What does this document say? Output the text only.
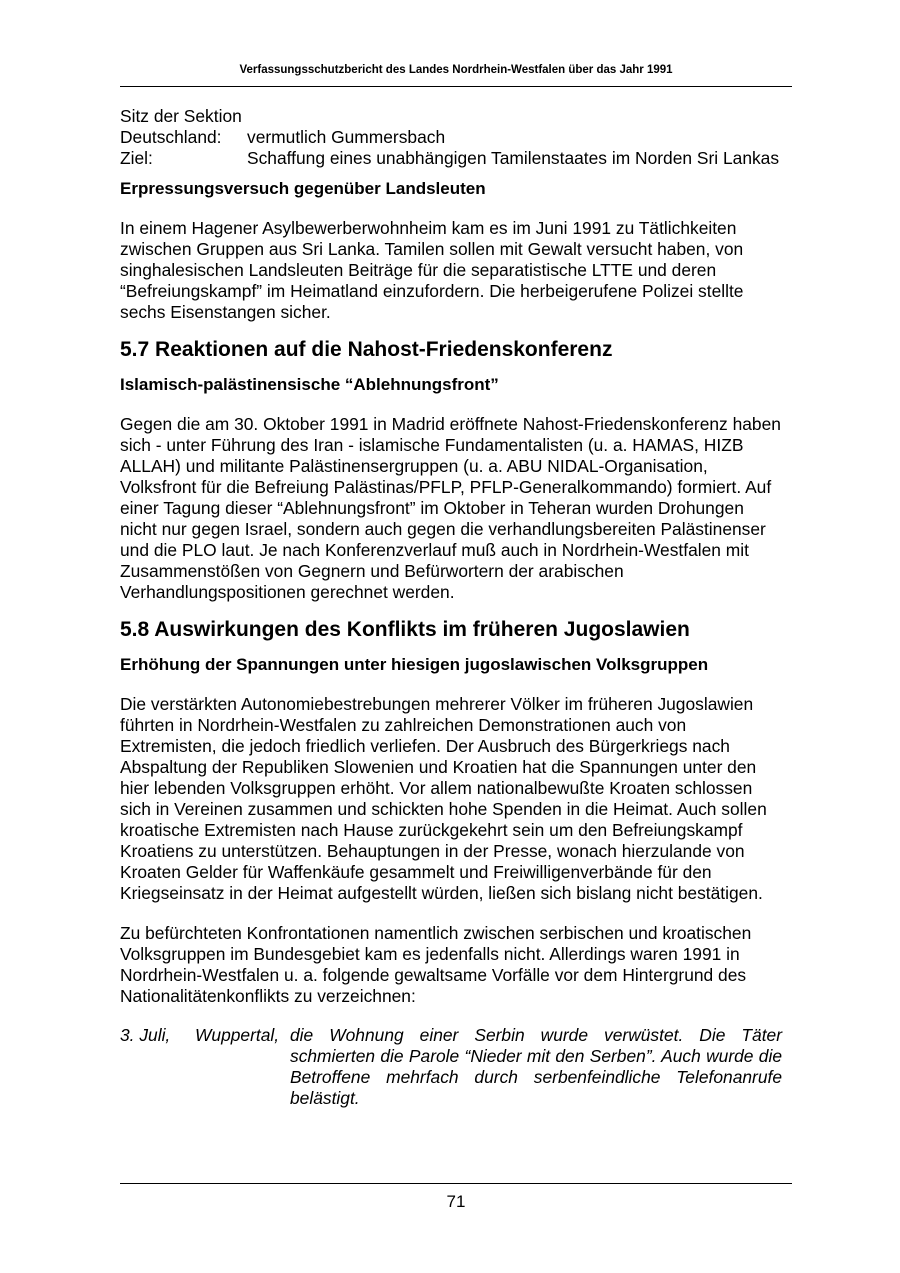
Verfassungsschutzbericht des Landes Nordrhein-Westfalen über das Jahr 1991
Sitz der Sektion
Deutschland:	vermutlich Gummersbach
Ziel:	Schaffung eines unabhängigen Tamilenstaates im Norden Sri Lankas
Erpressungsversuch gegenüber Landsleuten

In einem Hagener Asylbewerberwohnheim kam es im Juni 1991 zu Tätlichkeiten zwischen Gruppen aus Sri Lanka. Tamilen sollen mit Gewalt versucht haben, von singhalesischen Landsleuten Beiträge für die separatistische LTTE und deren “Befreiungskampf” im Heimatland einzufordern. Die herbeigerufene Polizei stellte sechs Eisenstangen sicher.

5.7 Reaktionen auf die Nahost-Friedenskonferenz
Islamisch-palästinensische “Ablehnungsfront”

Gegen die am 30. Oktober 1991 in Madrid eröffnete Nahost-Friedenskonferenz haben sich - unter Führung des Iran - islamische Fundamentalisten (u. a. HAMAS, HIZB ALLAH) und militante Palästinensergruppen (u. a. ABU NIDAL-Organisation, Volksfront für die Befreiung Palästinas/PFLP, PFLP-Generalkommando) formiert. Auf einer Tagung dieser “Ablehnungsfront” im Oktober in Teheran wurden Drohungen nicht nur gegen Israel, sondern auch gegen die verhandlungsbereiten Palästinenser und die PLO laut. Je nach Konferenzverlauf muß auch in Nordrhein-Westfalen mit Zusammenstößen von Gegnern und Befürwortern der arabischen Verhandlungspositionen gerechnet werden.

5.8 Auswirkungen des Konflikts im früheren Jugoslawien
Erhöhung der Spannungen unter hiesigen jugoslawischen Volksgruppen

Die verstärkten Autonomiebestrebungen mehrerer Völker im früheren Jugoslawien führten in Nordrhein-Westfalen zu zahlreichen Demonstrationen auch von Extremisten, die jedoch friedlich verliefen. Der Ausbruch des Bürgerkriegs nach Abspaltung der Republiken Slowenien und Kroatien hat die Spannungen unter den hier lebenden Volksgruppen erhöht. Vor allem nationalbewußte Kroaten schlossen sich in Vereinen zusammen und schickten hohe Spenden in die Heimat. Auch sollen kroatische Extremisten nach Hause zurückgekehrt sein um den Befreiungskampf Kroatiens zu unterstützen. Behauptungen in der Presse, wonach hierzulande von Kroaten Gelder für Waffenkäufe gesammelt und Freiwilligenverbände für den Kriegseinsatz in der Heimat aufgestellt würden, ließen sich bislang nicht bestätigen.

Zu befürchteten Konfrontationen namentlich zwischen serbischen und kroatischen Volksgruppen im Bundesgebiet kam es jedenfalls nicht. Allerdings waren 1991 in Nordrhein-Westfalen u. a. folgende gewaltsame Vorfälle vor dem Hintergrund des Nationalitätenkonflikts zu verzeichnen:

3. Juli,	Wuppertal, die Wohnung einer Serbin wurde verwüstet. Die Täter schmierten die Parole “Nieder mit den Serben”. Auch wurde die Betroffene mehrfach durch serbenfeindliche Telefonanrufe belästigt.
71
